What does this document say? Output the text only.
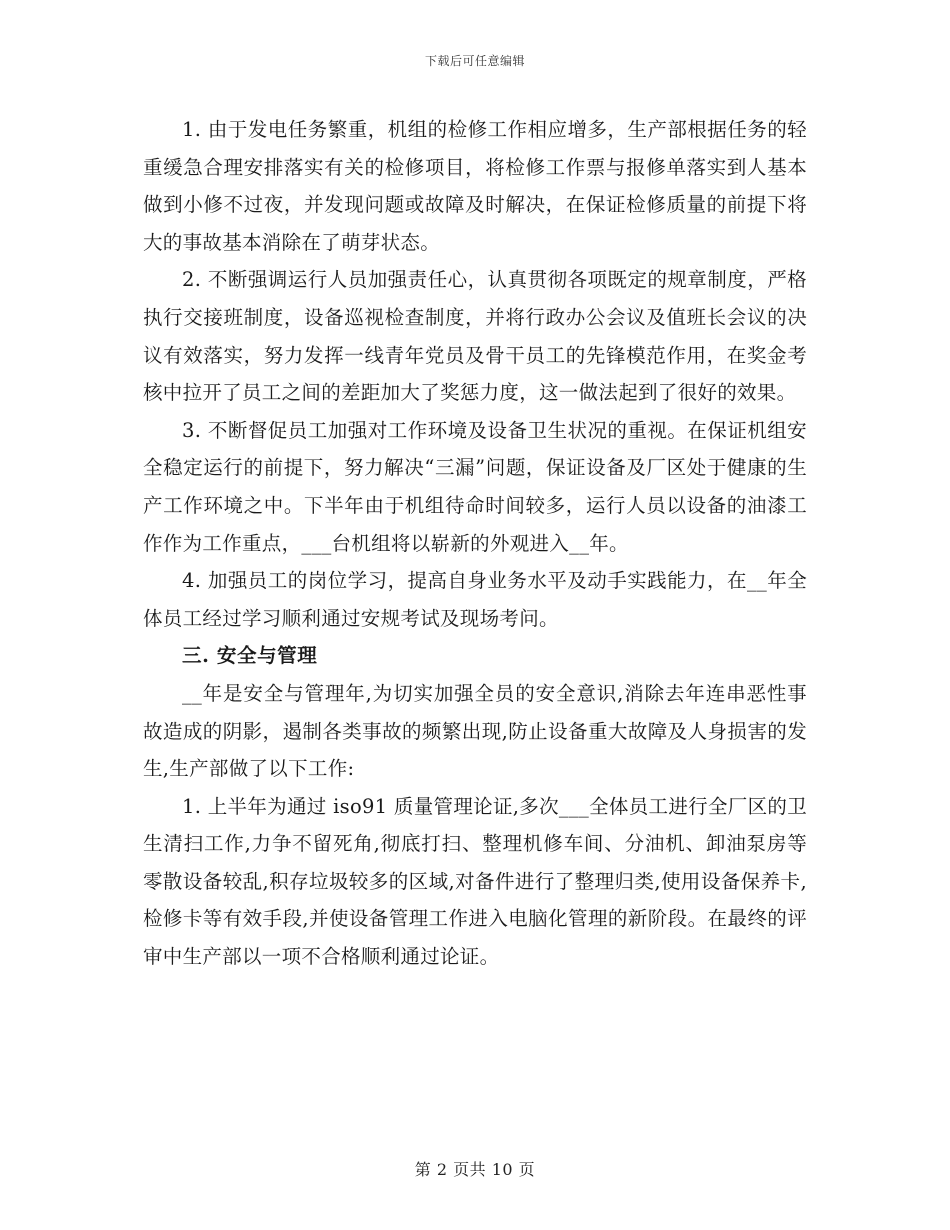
下载后可任意编辑

1. 由于发电任务繁重，机组的检修工作相应增多，生产部根据任务的轻重缓急合理安排落实有关的检修项目，将检修工作票与报修单落实到人基本做到小修不过夜，并发现问题或故障及时解决，在保证检修质量的前提下将大的事故基本消除在了萌芽状态。

2. 不断强调运行人员加强责任心，认真贯彻各项既定的规章制度，严格执行交接班制度，设备巡视检查制度，并将行政办公会议及值班长会议的决议有效落实，努力发挥一线青年党员及骨干员工的先锋模范作用，在奖金考核中拉开了员工之间的差距加大了奖惩力度，这一做法起到了很好的效果。

3. 不断督促员工加强对工作环境及设备卫生状况的重视。在保证机组安全稳定运行的前提下，努力解决“三漏”问题，保证设备及厂区处于健康的生产工作环境之中。下半年由于机组待命时间较多，运行人员以设备的油漆工作作为工作重点，___台机组将以崭新的外观进入__年。

4. 加强员工的岗位学习，提高自身业务水平及动手实践能力，在__年全体员工经过学习顺利通过安规考试及现场考问。

三. 安全与管理

__年是安全与管理年,为切实加强全员的安全意识,消除去年连串恶性事故造成的阴影，遏制各类事故的频繁出现,防止设备重大故障及人身损害的发生,生产部做了以下工作:

1. 上半年为通过 iso91 质量管理论证,多次___全体员工进行全厂区的卫生清扫工作,力争不留死角,彻底打扫、整理机修车间、分油机、卸油泵房等零散设备较乱,积存垃圾较多的区域,对备件进行了整理归类,使用设备保养卡,检修卡等有效手段,并使设备管理工作进入电脑化管理的新阶段。在最终的评审中生产部以一项不合格顺利通过论证。

第 2 页共 10 页
